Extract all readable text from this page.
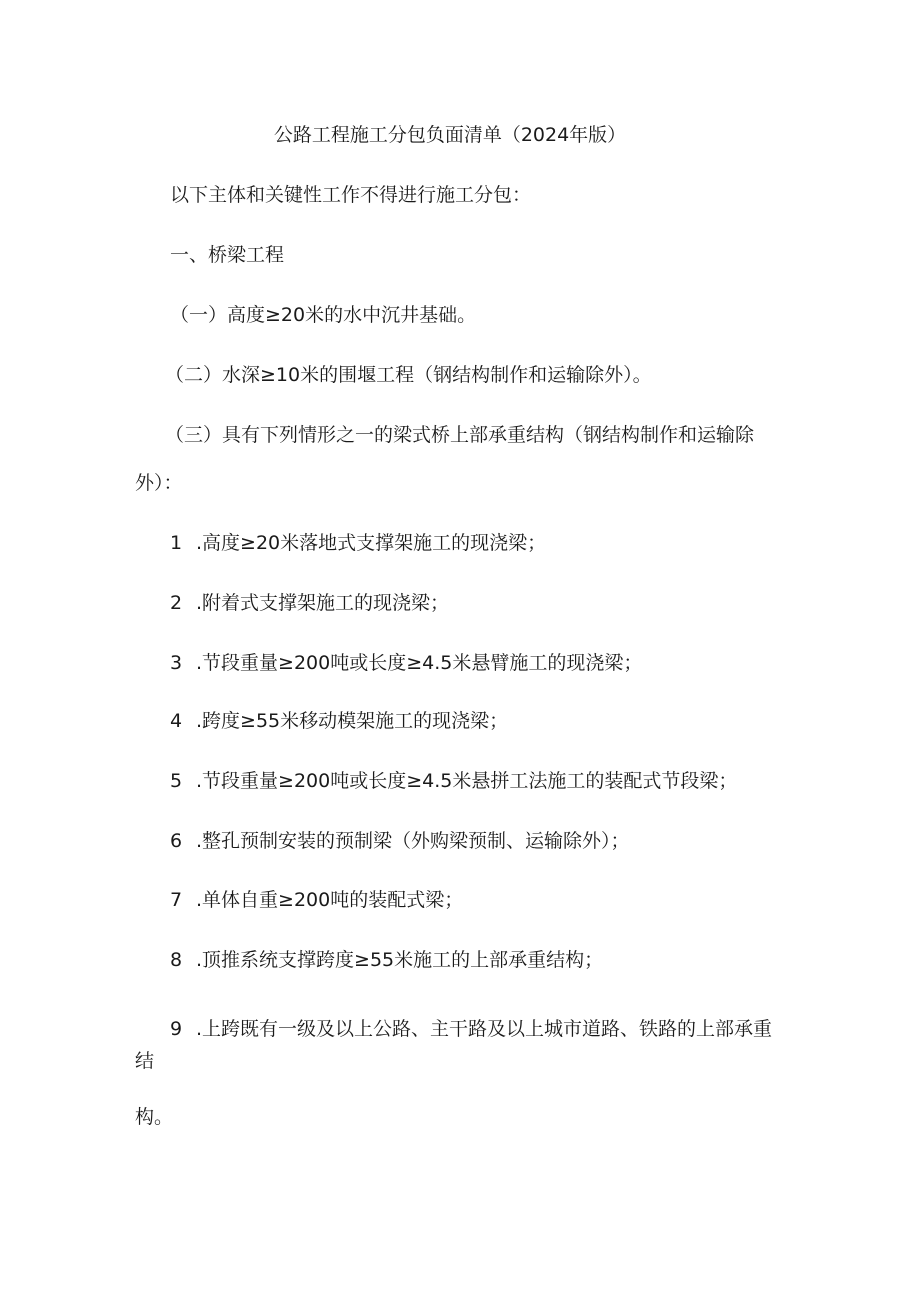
公路工程施工分包负面清单（2024年版）

以下主体和关键性工作不得进行施工分包：

一、桥梁工程

（一）高度≥20米的水中沉井基础。

（二）水深≥10米的围堰工程（钢结构制作和运输除外）。

（三）具有下列情形之一的梁式桥上部承重结构（钢结构制作和运输除

外）：

1 .高度≥20米落地式支撑架施工的现浇梁；
2 .附着式支撑架施工的现浇梁；
3 .节段重量≥200吨或长度≥4.5米悬臂施工的现浇梁；
4 .跨度≥55米移动模架施工的现浇梁；
5 .节段重量≥200吨或长度≥4.5米悬拼工法施工的装配式节段梁；
6 .整孔预制安装的预制梁（外购梁预制、运输除外）；
7 .单体自重≥200吨的装配式梁；
8 .顶推系统支撑跨度≥55米施工的上部承重结构；
9 .上跨既有一级及以上公路、主干路及以上城市道路、铁路的上部承重

结

构。
